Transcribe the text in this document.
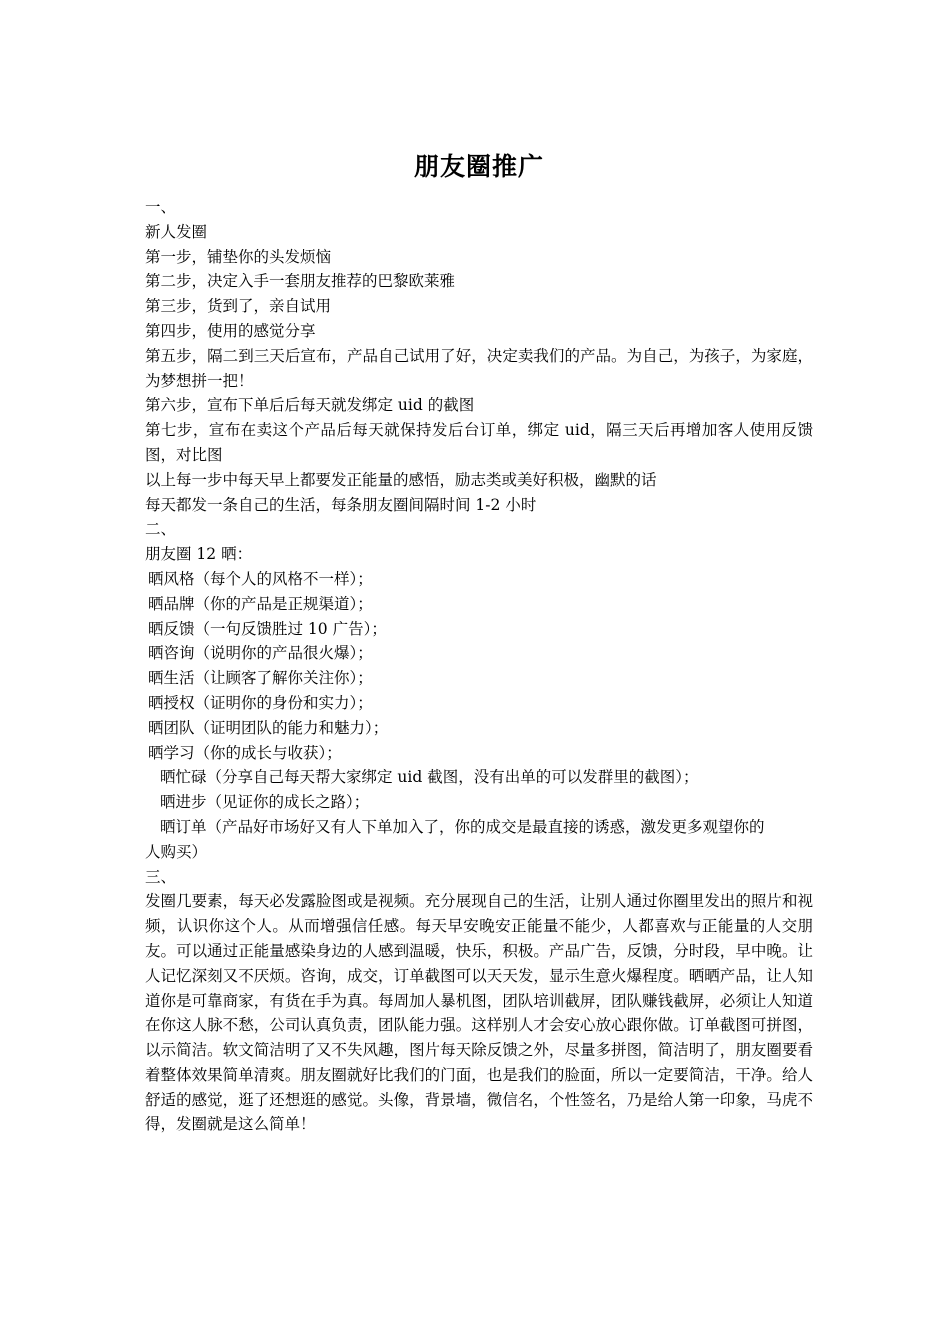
朋友圈推广

一、

新人发圈

第一步，铺垫你的头发烦恼

第二步，决定入手一套朋友推荐的巴黎欧莱雅

第三步，货到了，亲自试用

第四步，使用的感觉分享

第五步，隔二到三天后宣布，产品自己试用了好，决定卖我们的产品。为自己，为孩子，为家庭，为梦想拼一把！

第六步，宣布下单后后每天就发绑定 uid 的截图

第七步，宣布在卖这个产品后每天就保持发后台订单，绑定 uid，隔三天后再增加客人使用反馈图，对比图

以上每一步中每天早上都要发正能量的感悟，励志类或美好积极，幽默的话

每天都发一条自己的生活，每条朋友圈间隔时间 1-2 小时

二、

朋友圈 12 晒：

晒风格（每个人的风格不一样）；

晒品牌（你的产品是正规渠道）；

晒反馈（一句反馈胜过 10 广告）；

晒咨询（说明你的产品很火爆）；

晒生活（让顾客了解你关注你）；

晒授权（证明你的身份和实力）；

晒团队（证明团队的能力和魅力）；

晒学习（你的成长与收获）；

晒忙碌（分享自己每天帮大家绑定 uid 截图，没有出单的可以发群里的截图）；

晒进步（见证你的成长之路）；

晒订单（产品好市场好又有人下单加入了，你的成交是最直接的诱惑，激发更多观望你的

人购买）

三、

发圈几要素，每天必发露脸图或是视频。充分展现自己的生活，让别人通过你圈里发出的照片和视频，认识你这个人。从而增强信任感。每天早安晚安正能量不能少，人都喜欢与正能量的人交朋友。可以通过正能量感染身边的人感到温暖，快乐，积极。产品广告，反馈，分时段，早中晚。让人记忆深刻又不厌烦。咨询，成交，订单截图可以天天发，显示生意火爆程度。晒晒产品，让人知道你是可靠商家，有货在手为真。每周加人暴机图，团队培训截屏，团队赚钱截屏，必须让人知道在你这人脉不愁，公司认真负责，团队能力强。这样别人才会安心放心跟你做。订单截图可拼图，以示简洁。软文简洁明了又不失风趣，图片每天除反馈之外，尽量多拼图，简洁明了，朋友圈要看着整体效果简单清爽。朋友圈就好比我们的门面，也是我们的脸面，所以一定要简洁，干净。给人舒适的感觉，逛了还想逛的感觉。头像，背景墙，微信名，个性签名，乃是给人第一印象，马虎不得，发圈就是这么简单！
